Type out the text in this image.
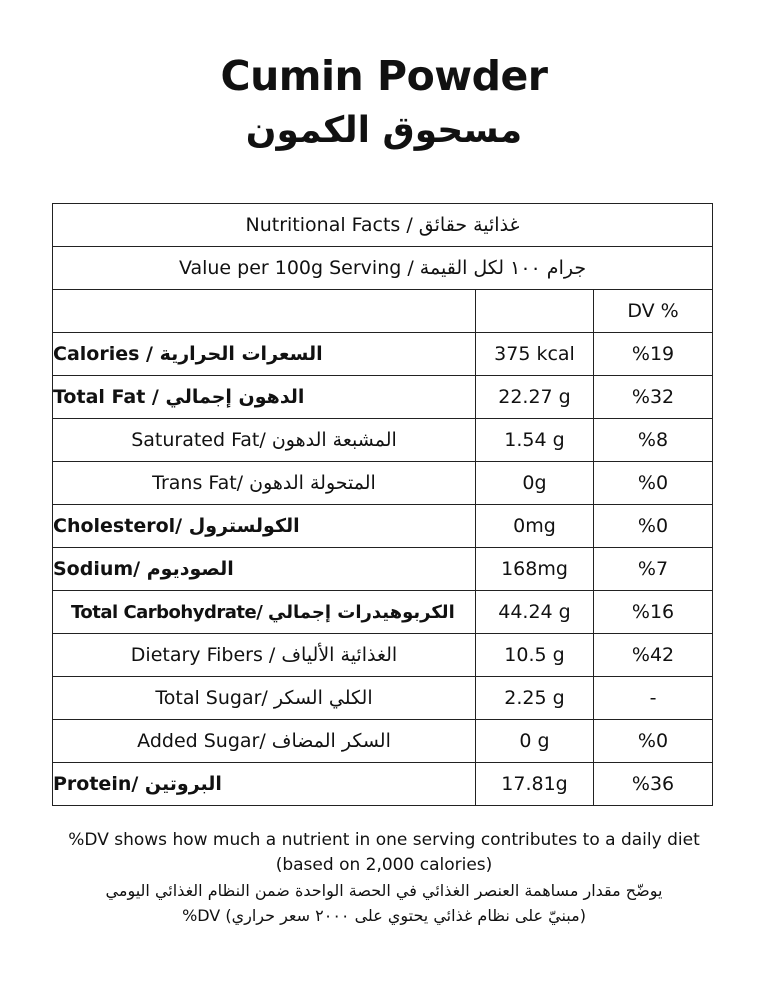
Cumin Powder
مسحوق الكمون
Nutritional Facts / غذائية حقائق		
Value per 100g Serving / جرام ١٠٠ لكل القيمة		
		DV %
Calories / السعرات الحرارية	375 kcal	%19
Total Fat / الدهون إجمالي	22.27 g	%32
Saturated Fat/ المشبعة الدهون	1.54 g	%8
Trans Fat/ المتحولة الدهون	0g	%0
Cholesterol/ الكولسترول	0mg	%0
Sodium/ الصوديوم	168mg	%7
Total Carbohydrate/ الكربوهيدرات إجمالي	44.24 g	%16
Dietary Fibers / الغذائية الألياف	10.5 g	%42
Total Sugar/ الكلي السكر	2.25 g	-
Added Sugar/ السكر المضاف	0 g	%0
Protein/ البروتين	17.81g	%36
%DV shows how much a nutrient in one serving contributes to a daily diet
(based on 2,000 calories)
يوضّح مقدار مساهمة العنصر الغذائي في الحصة الواحدة ضمن النظام الغذائي اليومي
(مبنيّ على نظام غذائي يحتوي على ٢٠٠٠ سعر حراري) DV%
